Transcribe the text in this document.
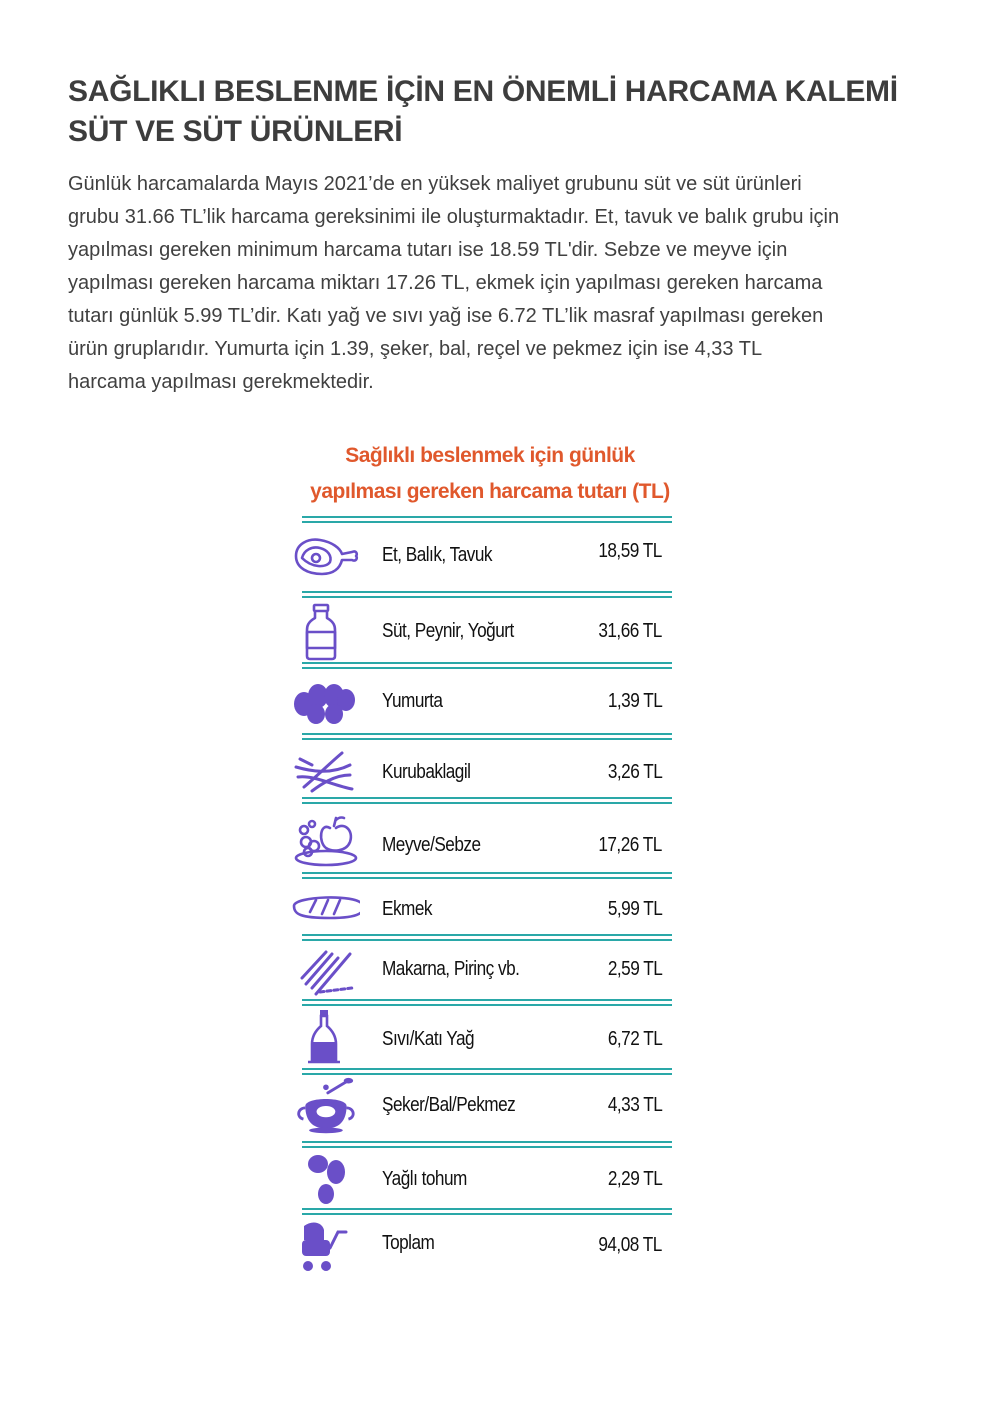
SAĞLIKLI BESLENME İÇİN EN ÖNEMLİ HARCAMA KALEMİ
SÜT VE SÜT ÜRÜNLERİ

Günlük harcamalarda Mayıs 2021’de en yüksek maliyet grubunu süt ve süt ürünleri
grubu 31.66 TL’lik harcama gereksinimi ile oluşturmaktadır. Et, tavuk ve balık grubu için
yapılması gereken minimum harcama tutarı ise 18.59 TL'dir. Sebze ve meyve için
yapılması gereken harcama miktarı 17.26 TL, ekmek için yapılması gereken harcama
tutarı günlük 5.99 TL’dir. Katı yağ ve sıvı yağ ise 6.72 TL’lik masraf yapılması gereken
ürün gruplarıdır. Yumurta için 1.39, şeker, bal, reçel ve pekmez için ise 4,33 TL
harcama yapılması gerekmektedir.

Sağlıklı beslenmek için günlük
yapılması gereken harcama tutarı (TL)
Et, Balık, Tavuk	18,59 TL
Süt, Peynir, Yoğurt	31,66 TL
Yumurta	1,39 TL
Kurubaklagil	3,26 TL
Meyve/Sebze	17,26 TL
Ekmek	5,99 TL
Makarna, Pirinç vb.	2,59 TL
Sıvı/Katı Yağ	6,72 TL
Şeker/Bal/Pekmez	4,33 TL
Yağlı tohum	2,29 TL
Toplam	94,08 TL
